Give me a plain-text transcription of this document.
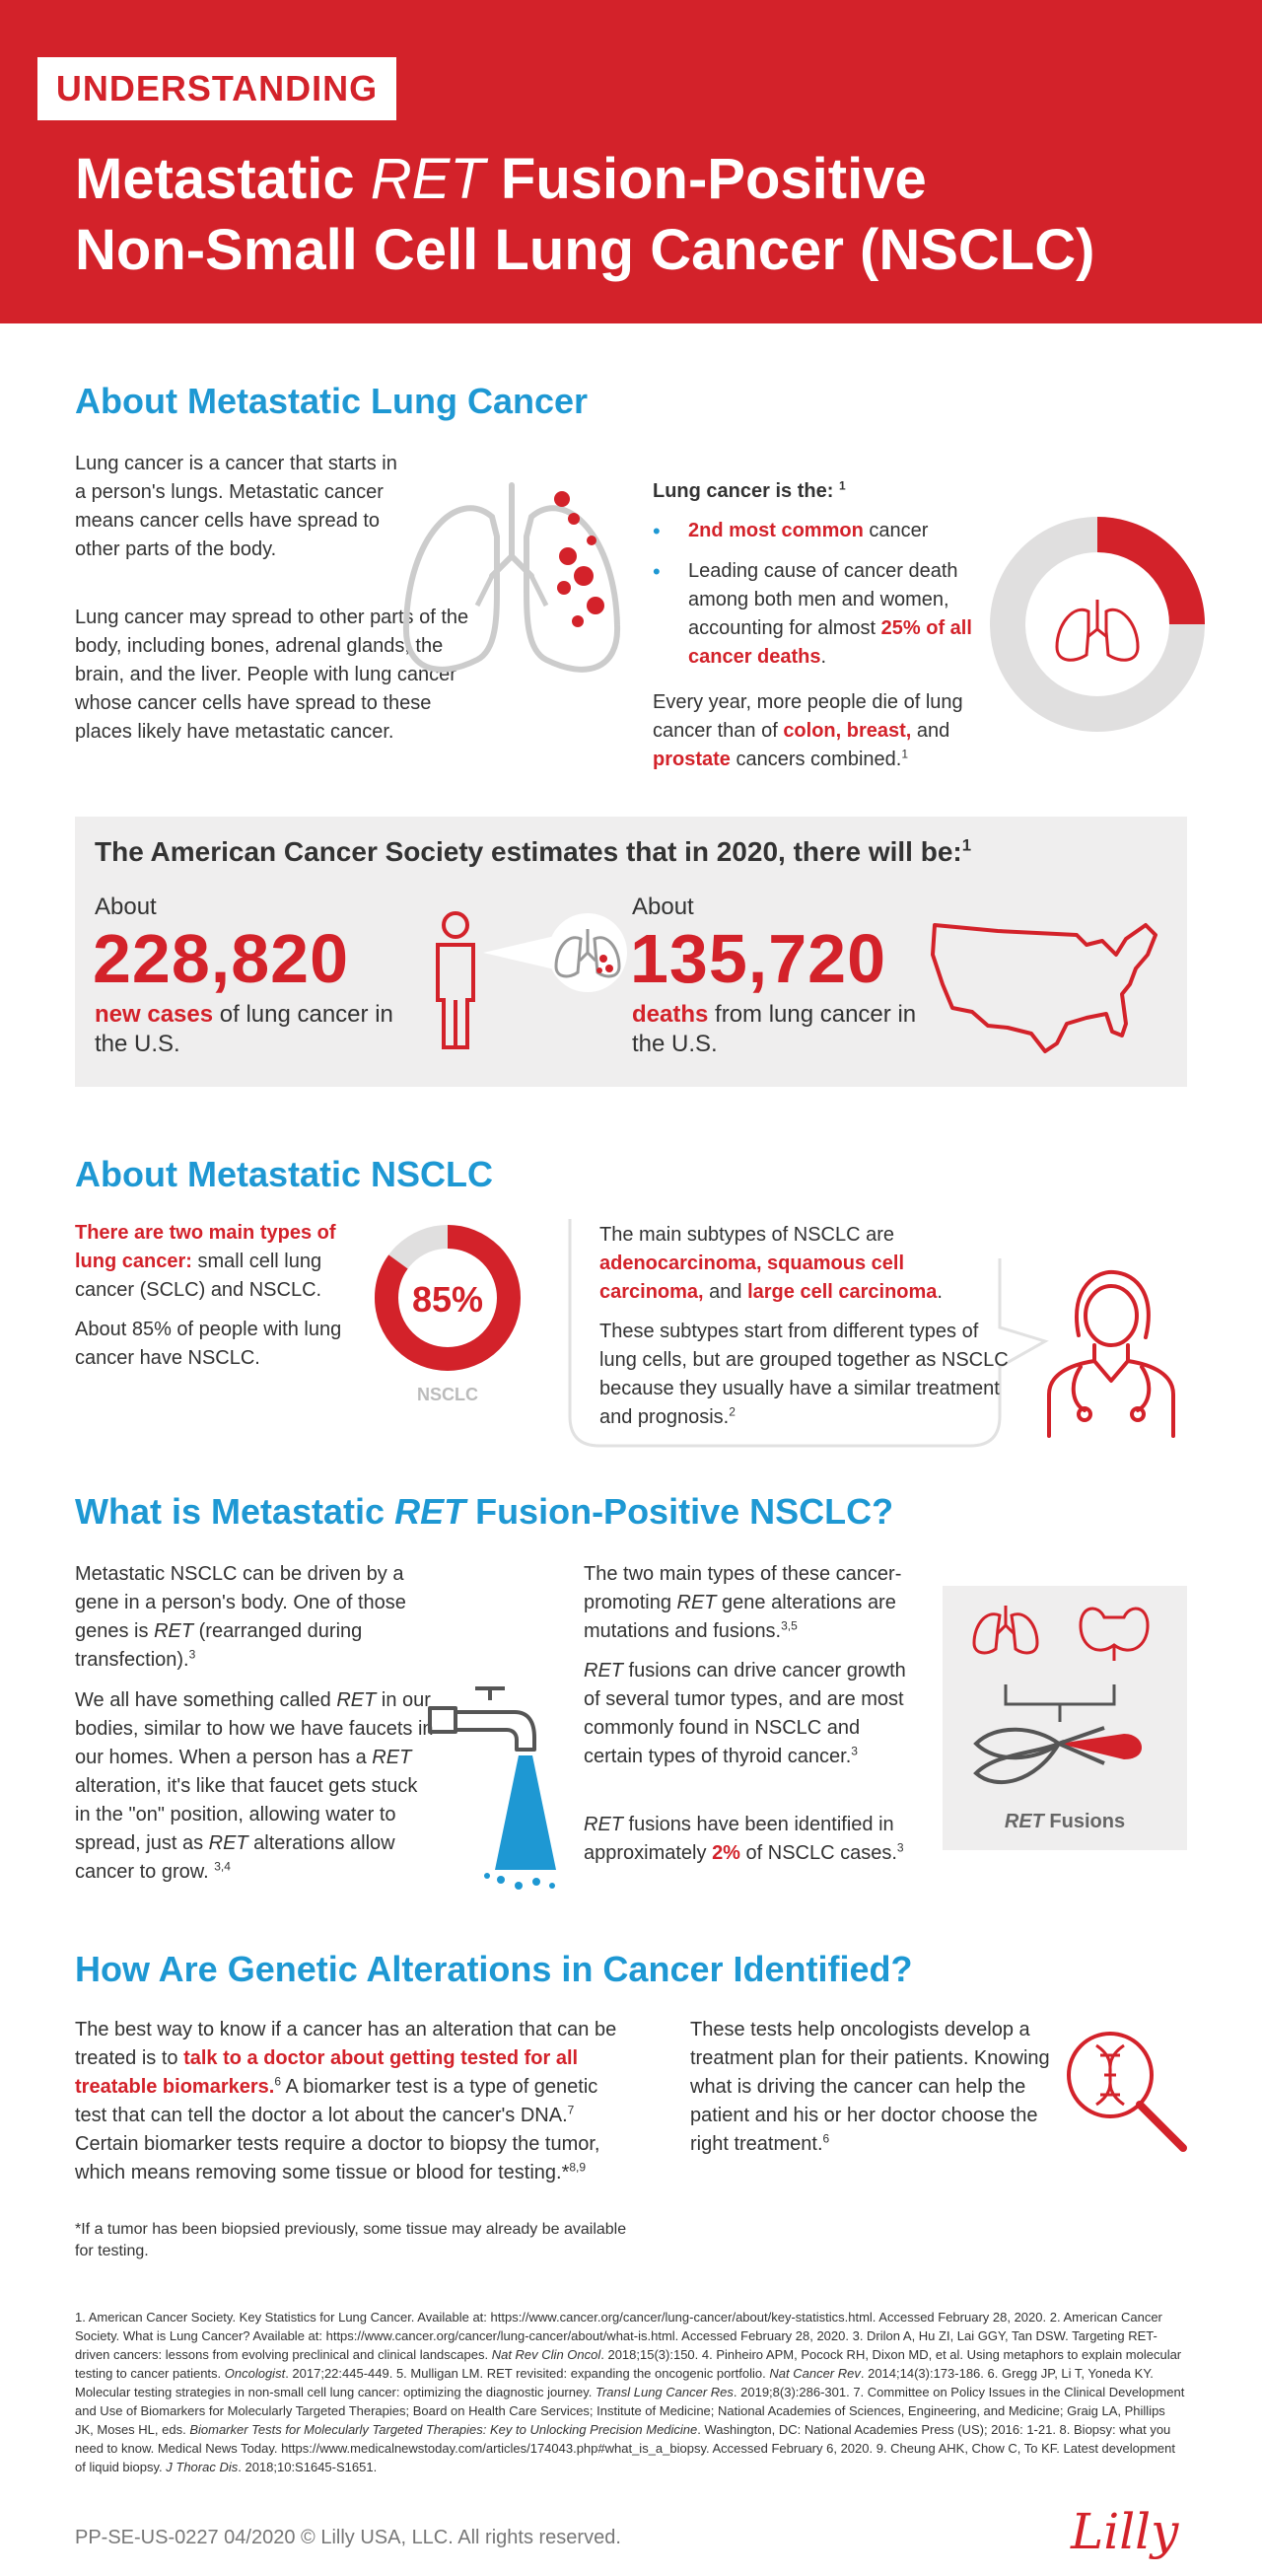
UNDERSTANDING
Metastatic RET Fusion-Positive
Non-Small Cell Lung Cancer (NSCLC)
About Metastatic Lung Cancer
Lung cancer is a cancer that starts in a person's lungs. Metastatic cancer means cancer cells have spread to other parts of the body.
Lung cancer may spread to other parts of the body, including bones, adrenal glands, the brain, and the liver. People with lung cancer whose cancer cells have spread to these places likely have metastatic cancer.
Lung cancer is the: $^1$
• 2nd most common cancer
• Leading cause of cancer death among both men and women, accounting for almost 25% of all cancer deaths.
Every year, more people die of lung cancer than of colon, breast, and prostate cancers combined.$^1$
The American Cancer Society estimates that in 2020, there will be:$^1$
About
228,820
new cases of lung cancer in the U.S.
About
135,720
deaths from lung cancer in the U.S.
About Metastatic NSCLC
There are two main types of lung cancer: small cell lung cancer (SCLC) and NSCLC.
About 85% of people with lung cancer have NSCLC.
85%
NSCLC
The main subtypes of NSCLC are adenocarcinoma, squamous cell carcinoma, and large cell carcinoma.
These subtypes start from different types of lung cells, but are grouped together as NSCLC because they usually have a similar treatment and prognosis.$^2$
What is Metastatic RET Fusion-Positive NSCLC?
Metastatic NSCLC can be driven by a gene in a person's body. One of those genes is RET (rearranged during transfection).$^3$
We all have something called RET in our bodies, similar to how we have faucets in our homes. When a person has a RET alteration, it's like that faucet gets stuck in the "on" position, allowing water to spread, just as RET alterations allow cancer to grow. $^{3,4}$
The two main types of these cancer-promoting RET gene alterations are mutations and fusions.$^{3,5}$
RET fusions can drive cancer growth of several tumor types, and are most commonly found in NSCLC and certain types of thyroid cancer.$^3$
RET fusions have been identified in approximately 2% of NSCLC cases.$^3$
RET Fusions
How Are Genetic Alterations in Cancer Identified?
The best way to know if a cancer has an alteration that can be treated is to talk to a doctor about getting tested for all treatable biomarkers.$^6$ A biomarker test is a type of genetic test that can tell the doctor a lot about the cancer's DNA.$^7$ Certain biomarker tests require a doctor to biopsy the tumor, which means removing some tissue or blood for testing.*$^{8,9}$
*If a tumor has been biopsied previously, some tissue may already be available for testing.
These tests help oncologists develop a treatment plan for their patients. Knowing what is driving the cancer can help the patient and his or her doctor choose the right treatment.$^6$
1. American Cancer Society. Key Statistics for Lung Cancer. Available at: https://www.cancer.org/cancer/lung-cancer/about/key-statistics.html. Accessed February 28, 2020. 2. American Cancer Society. What is Lung Cancer? Available at: https://www.cancer.org/cancer/lung-cancer/about/what-is.html. Accessed February 28, 2020. 3. Drilon A, Hu ZI, Lai GGY, Tan DSW. Targeting RET-driven cancers: lessons from evolving preclinical and clinical landscapes. Nat Rev Clin Oncol. 2018;15(3):150. 4. Pinheiro APM, Pocock RH, Dixon MD, et al. Using metaphors to explain molecular testing to cancer patients. Oncologist. 2017;22:445-449. 5. Mulligan LM. RET revisited: expanding the oncogenic portfolio. Nat Cancer Rev. 2014;14(3):173-186. 6. Gregg JP, Li T, Yoneda KY. Molecular testing strategies in non-small cell lung cancer: optimizing the diagnostic journey. Transl Lung Cancer Res. 2019;8(3):286-301. 7. Committee on Policy Issues in the Clinical Development and Use of Biomarkers for Molecularly Targeted Therapies; Board on Health Care Services; Institute of Medicine; National Academies of Sciences, Engineering, and Medicine; Graig LA, Phillips JK, Moses HL, eds. Biomarker Tests for Molecularly Targeted Therapies: Key to Unlocking Precision Medicine. Washington, DC: National Academies Press (US); 2016: 1-21. 8. Biopsy: what you need to know. Medical News Today. https://www.medicalnewstoday.com/articles/174043.php#what_is_a_biopsy. Accessed February 6, 2020. 9. Cheung AHK, Chow C, To KF. Latest development of liquid biopsy. J Thorac Dis. 2018;10:S1645-S1651.
PP-SE-US-0227 04/2020 © Lilly USA, LLC. All rights reserved.	Lilly
